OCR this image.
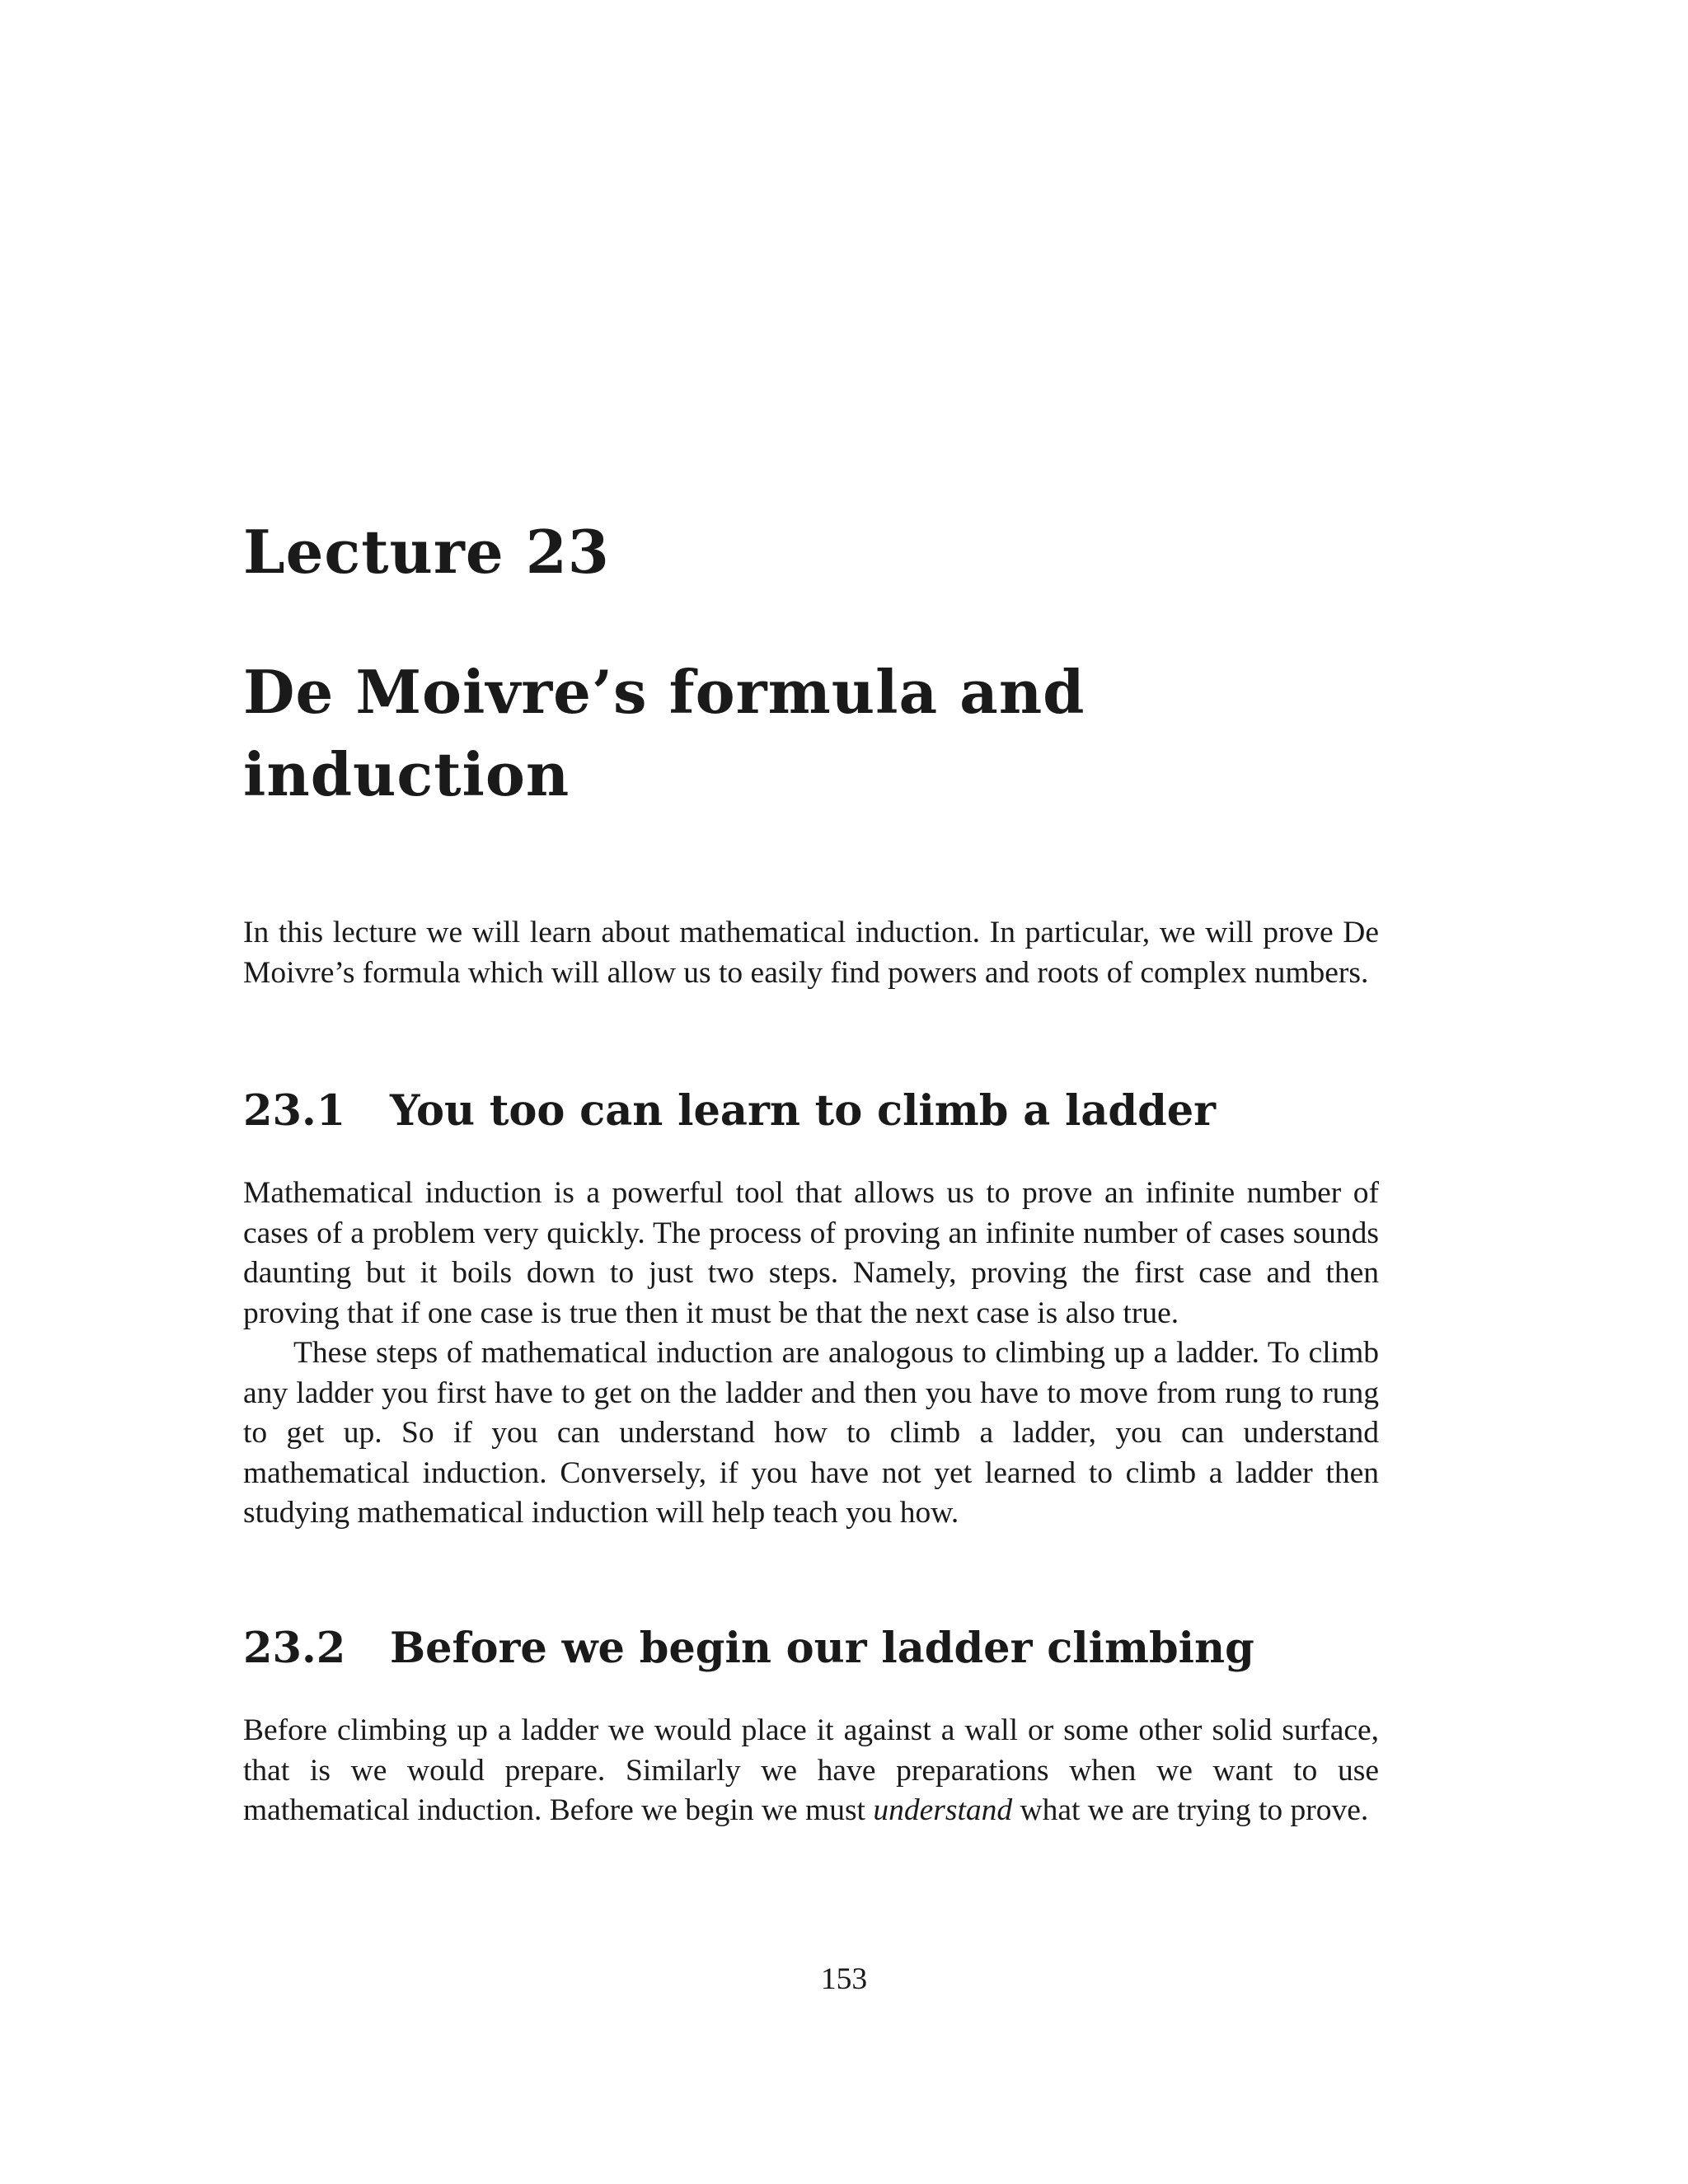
Lecture 23
De Moivre’s formula and induction

In this lecture we will learn about mathematical induction. In particular, we will prove De Moivre’s formula which will allow us to easily find powers and roots of complex numbers.

23.1 You too can learn to climb a ladder

Mathematical induction is a powerful tool that allows us to prove an infinite number of cases of a problem very quickly. The process of proving an infinite number of cases sounds daunting but it boils down to just two steps. Namely, proving the first case and then proving that if one case is true then it must be that the next case is also true.

These steps of mathematical induction are analogous to climbing up a ladder. To climb any ladder you first have to get on the ladder and then you have to move from rung to rung to get up. So if you can understand how to climb a ladder, you can understand mathematical induction. Conversely, if you have not yet learned to climb a ladder then studying mathematical induction will help teach you how.

23.2 Before we begin our ladder climbing

Before climbing up a ladder we would place it against a wall or some other solid surface, that is we would prepare. Similarly we have preparations when we want to use mathematical induction. Before we begin we must understand what we are trying to prove.

153
